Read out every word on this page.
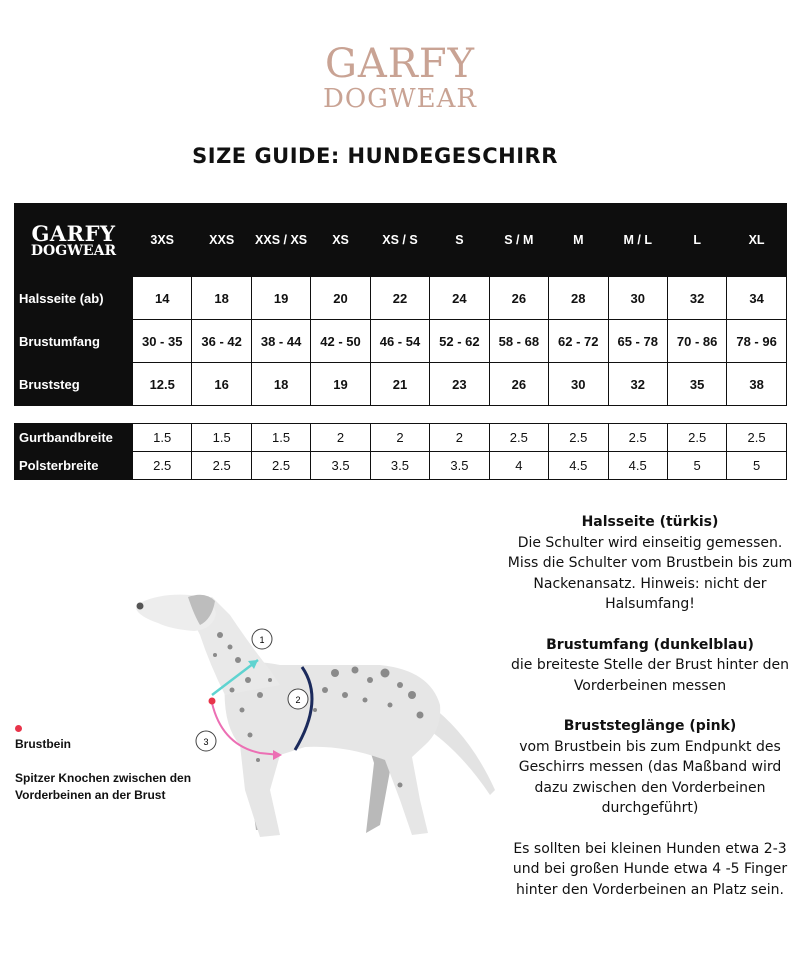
GARFY
DOGWEAR
SIZE GUIDE: HUNDEGESCHIRR
GARFY
DOGWEAR	3XS	XXS	XXS / XS	XS	XS / S	S	S / M	M	M / L	L	XL
Halsseite (ab)	14	18	19	20	22	24	26	28	30	32	34
Brustumfang	30 - 35	36 - 42	38 - 44	42 - 50	46 - 54	52 - 62	58 - 68	62 - 72	65 - 78	70 - 86	78 - 96
Bruststeg	12.5	16	18	19	21	23	26	30	32	35	38
Gurtbandbreite	1.5	1.5	1.5	2	2	2	2.5	2.5	2.5	2.5	2.5
Polsterbreite	2.5	2.5	2.5	3.5	3.5	3.5	4	4.5	4.5	5	5
1
2
3
Brustbein
Spitzer Knochen zwischen den Vorderbeinen an der Brust

Halsseite (türkis)
Die Schulter wird einseitig gemessen. Miss die Schulter vom Brustbein bis zum Nackenansatz. Hinweis: nicht der Halsumfang!

Brustumfang (dunkelblau)
die breiteste Stelle der Brust hinter den Vorderbeinen messen

Bruststeglänge (pink)
vom Brustbein bis zum Endpunkt des Geschirrs messen (das Maßband wird dazu zwischen den Vorderbeinen durchgeführt)

Es sollten bei kleinen Hunden etwa 2-3 und bei großen Hunde etwa 4 -5 Finger hinter den Vorderbeinen an Platz sein.
